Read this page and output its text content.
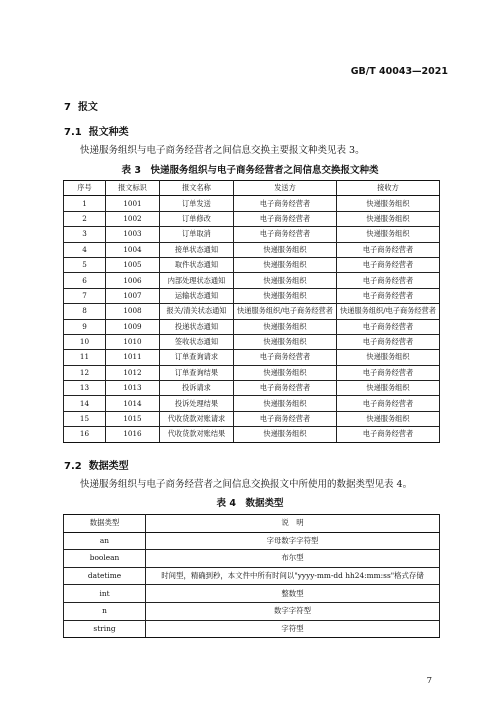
GB/T 40043—2021
7 报文
7.1 报文种类
快递服务组织与电子商务经营者之间信息交换主要报文种类见表 3。
表 3　快递服务组织与电子商务经营者之间信息交换报文种类
序号	报文标识	报文名称	发送方	接收方
1	1001	订单发送	电子商务经营者	快递服务组织
2	1002	订单修改	电子商务经营者	快递服务组织
3	1003	订单取消	电子商务经营者	快递服务组织
4	1004	接单状态通知	快递服务组织	电子商务经营者
5	1005	取件状态通知	快递服务组织	电子商务经营者
6	1006	内部处理状态通知	快递服务组织	电子商务经营者
7	1007	运输状态通知	快递服务组织	电子商务经营者
8	1008	报关/清关状态通知	快递服务组织/电子商务经营者	快递服务组织/电子商务经营者
9	1009	投递状态通知	快递服务组织	电子商务经营者
10	1010	签收状态通知	快递服务组织	电子商务经营者
11	1011	订单查询请求	电子商务经营者	快递服务组织
12	1012	订单查询结果	快递服务组织	电子商务经营者
13	1013	投诉请求	电子商务经营者	快递服务组织
14	1014	投诉处理结果	快递服务组织	电子商务经营者
15	1015	代收货款对账请求	电子商务经营者	快递服务组织
16	1016	代收货款对账结果	快递服务组织	电子商务经营者
7.2 数据类型
快递服务组织与电子商务经营者之间信息交换报文中所使用的数据类型见表 4。
表 4　数据类型
数据类型	说　明
an	字母数字字符型
boolean	布尔型
datetime	时间型，精确到秒，本文件中所有时间以"yyyy-mm-dd hh24:mm:ss"格式存储
int	整数型
n	数字字符型
string	字符型
7
